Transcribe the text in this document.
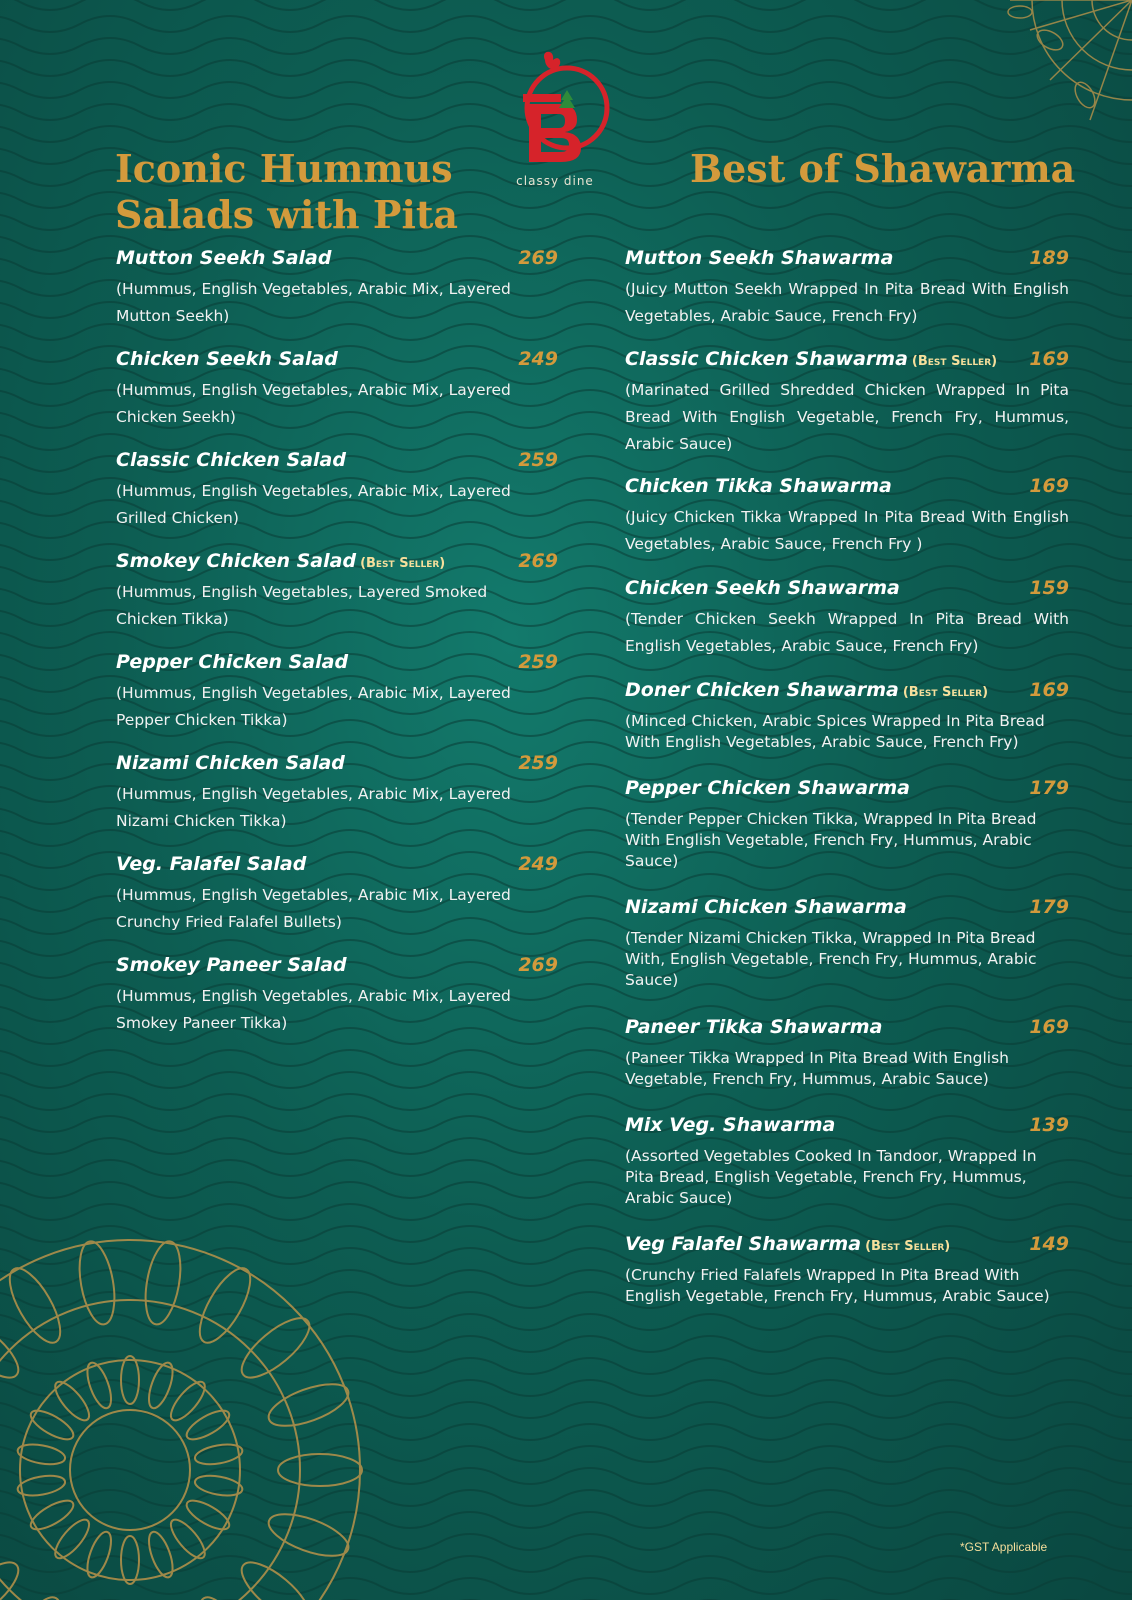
classy dine
Iconic Hummus
Salads with Pita
Best of Shawarma
Mutton Seekh Salad	269
(Hummus, English Vegetables, Arabic Mix, Layered Mutton Seekh)
Chicken Seekh Salad	249
(Hummus, English Vegetables, Arabic Mix, Layered Chicken Seekh)
Classic Chicken Salad	259
(Hummus, English Vegetables, Arabic Mix, Layered Grilled Chicken)
Smokey Chicken Salad (Best Seller)	269
(Hummus, English Vegetables, Layered Smoked Chicken Tikka)
Pepper Chicken Salad	259
(Hummus, English Vegetables, Arabic Mix, Layered Pepper Chicken Tikka)
Nizami Chicken Salad	259
(Hummus, English Vegetables, Arabic Mix, Layered Nizami Chicken Tikka)
Veg. Falafel Salad	249
(Hummus, English Vegetables, Arabic Mix, Layered Crunchy Fried Falafel Bullets)
Smokey Paneer Salad	269
(Hummus, English Vegetables, Arabic Mix, Layered Smokey Paneer Tikka)
Mutton Seekh Shawarma	189
(Juicy Mutton Seekh Wrapped In Pita Bread With English Vegetables, Arabic Sauce, French Fry)
Classic Chicken Shawarma (Best Seller) 169
(Marinated Grilled Shredded Chicken Wrapped In Pita Bread With English Vegetable, French Fry, Hummus, Arabic Sauce)
Chicken Tikka Shawarma	169
(Juicy Chicken Tikka Wrapped In Pita Bread With English Vegetables, Arabic Sauce, French Fry )
Chicken Seekh Shawarma	159
(Tender Chicken Seekh Wrapped In Pita Bread With English Vegetables, Arabic Sauce, French Fry)
Doner Chicken Shawarma (Best Seller) 169
(Minced Chicken, Arabic Spices Wrapped In Pita Bread With English Vegetables, Arabic Sauce, French Fry)
Pepper Chicken Shawarma	179
(Tender Pepper Chicken Tikka, Wrapped In Pita Bread With English Vegetable, French Fry, Hummus, Arabic Sauce)
Nizami Chicken Shawarma	179
(Tender Nizami Chicken Tikka, Wrapped In Pita Bread With, English Vegetable, French Fry, Hummus, Arabic Sauce)
Paneer Tikka Shawarma	169
(Paneer Tikka Wrapped In Pita Bread With English Vegetable, French Fry, Hummus, Arabic Sauce)
Mix Veg. Shawarma	139
(Assorted Vegetables Cooked In Tandoor, Wrapped In Pita Bread, English Vegetable, French Fry, Hummus, Arabic Sauce)
Veg Falafel Shawarma (Best Seller)	149
(Crunchy Fried Falafels Wrapped In Pita Bread With English Vegetable, French Fry, Hummus, Arabic Sauce)
*GST Applicable
